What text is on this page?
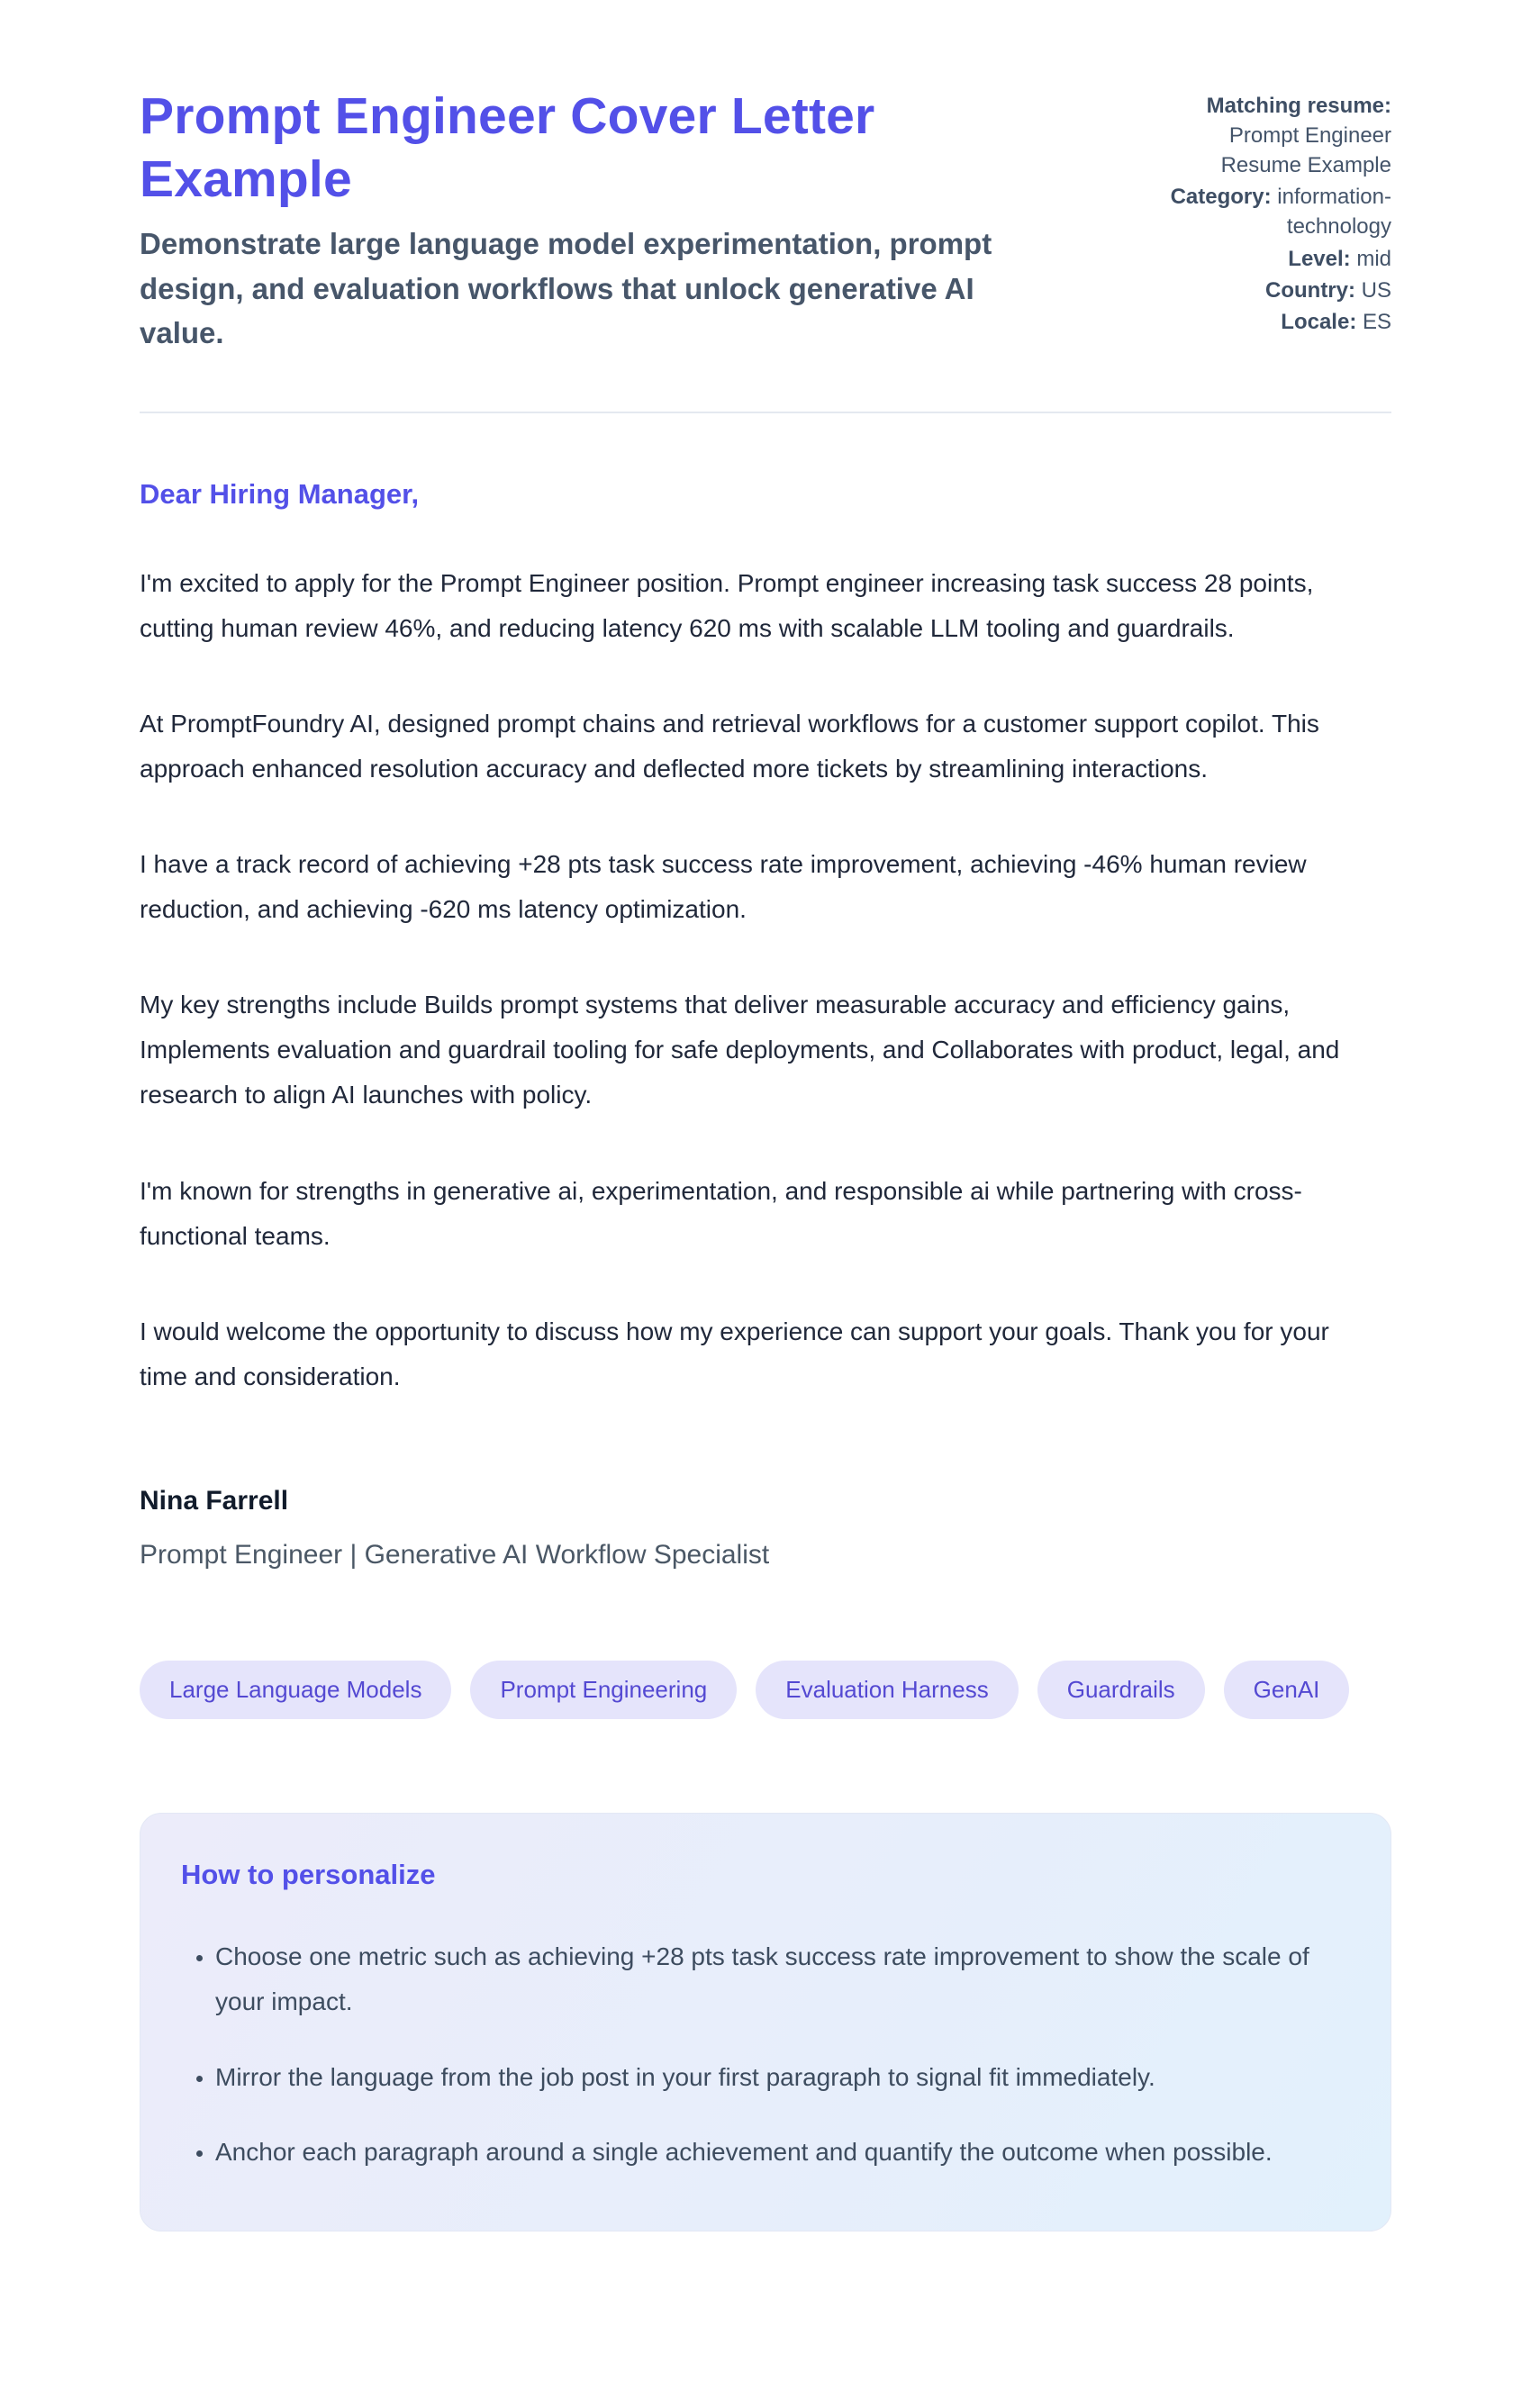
Prompt Engineer Cover Letter Example
Demonstrate large language model experimentation, prompt design, and evaluation workflows that unlock generative AI value.
Matching resume: Prompt Engineer Resume Example
Category: information-technology
Level: mid
Country: US
Locale: ES
Dear Hiring Manager,

I'm excited to apply for the Prompt Engineer position. Prompt engineer increasing task success 28 points, cutting human review 46%, and reducing latency 620 ms with scalable LLM tooling and guardrails.

At PromptFoundry AI, designed prompt chains and retrieval workflows for a customer support copilot. This approach enhanced resolution accuracy and deflected more tickets by streamlining interactions.

I have a track record of achieving +28 pts task success rate improvement, achieving -46% human review reduction, and achieving -620 ms latency optimization.

My key strengths include Builds prompt systems that deliver measurable accuracy and efficiency gains, Implements evaluation and guardrail tooling for safe deployments, and Collaborates with product, legal, and research to align AI launches with policy.

I'm known for strengths in generative ai, experimentation, and responsible ai while partnering with cross-functional teams.

I would welcome the opportunity to discuss how my experience can support your goals. Thank you for your time and consideration.

Nina Farrell
Prompt Engineer | Generative AI Workflow Specialist
Large Language Models	Prompt Engineering	Evaluation Harness	Guardrails	GenAI
How to personalize
• Choose one metric such as achieving +28 pts task success rate improvement to show the scale of your impact.
• Mirror the language from the job post in your first paragraph to signal fit immediately.
• Anchor each paragraph around a single achievement and quantify the outcome when possible.
